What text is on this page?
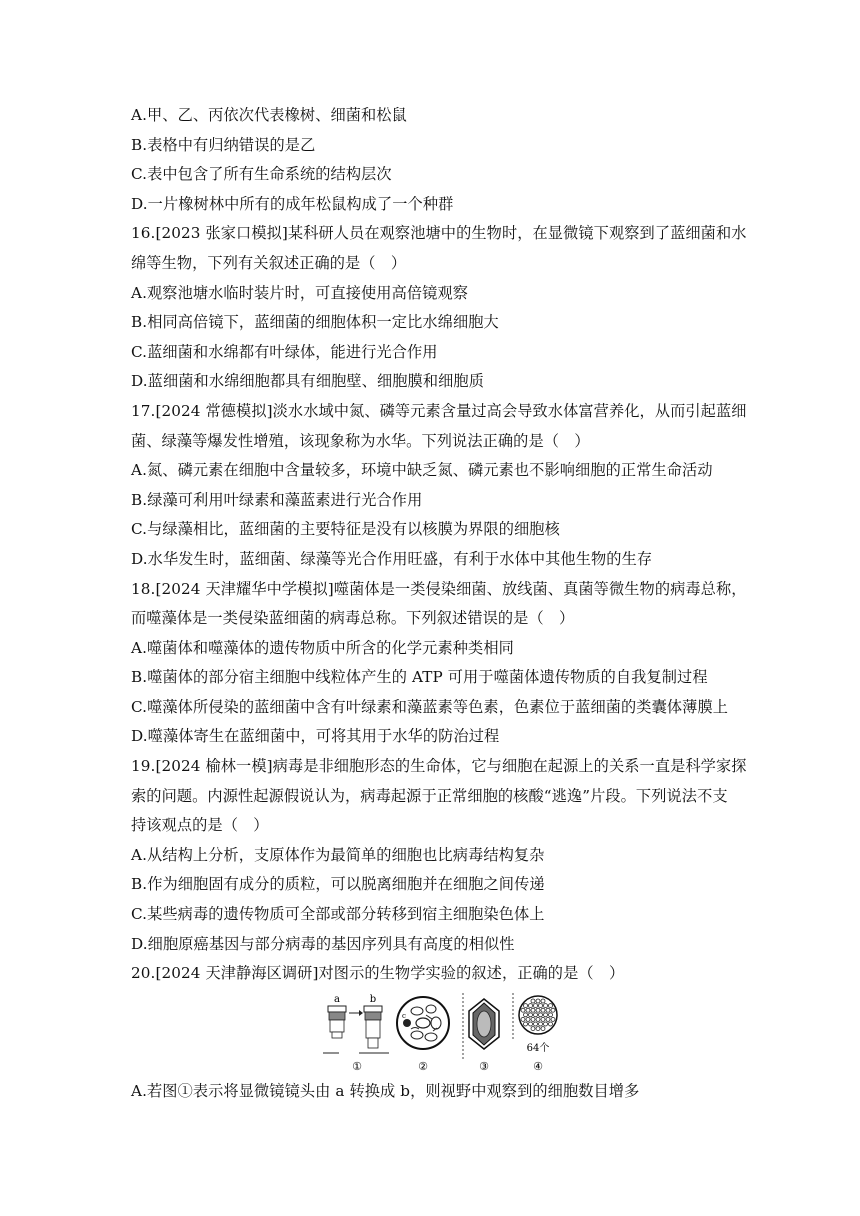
A.甲、乙、丙依次代表橡树、细菌和松鼠
B.表格中有归纳错误的是乙
C.表中包含了所有生命系统的结构层次
D.一片橡树林中所有的成年松鼠构成了一个种群
16.[2023 张家口模拟]某科研人员在观察池塘中的生物时，在显微镜下观察到了蓝细菌和水
绵等生物，下列有关叙述正确的是（　）
A.观察池塘水临时装片时，可直接使用高倍镜观察
B.相同高倍镜下，蓝细菌的细胞体积一定比水绵细胞大
C.蓝细菌和水绵都有叶绿体，能进行光合作用
D.蓝细菌和水绵细胞都具有细胞壁、细胞膜和细胞质
17.[2024 常德模拟]淡水水域中氮、磷等元素含量过高会导致水体富营养化，从而引起蓝细
菌、绿藻等爆发性增殖，该现象称为水华。下列说法正确的是（　）
A.氮、磷元素在细胞中含量较多，环境中缺乏氮、磷元素也不影响细胞的正常生命活动
B.绿藻可利用叶绿素和藻蓝素进行光合作用
C.与绿藻相比，蓝细菌的主要特征是没有以核膜为界限的细胞核
D.水华发生时，蓝细菌、绿藻等光合作用旺盛，有利于水体中其他生物的生存
18.[2024 天津耀华中学模拟]噬菌体是一类侵染细菌、放线菌、真菌等微生物的病毒总称，
而噬藻体是一类侵染蓝细菌的病毒总称。下列叙述错误的是（　）
A.噬菌体和噬藻体的遗传物质中所含的化学元素种类相同
B.噬菌体的部分宿主细胞中线粒体产生的 ATP 可用于噬菌体遗传物质的自我复制过程
C.噬藻体所侵染的蓝细菌中含有叶绿素和藻蓝素等色素，色素位于蓝细菌的类囊体薄膜上
D.噬藻体寄生在蓝细菌中，可将其用于水华的防治过程
19.[2024 榆林一模]病毒是非细胞形态的生命体，它与细胞在起源上的关系一直是科学家探
索的问题。内源性起源假说认为，病毒起源于正常细胞的核酸“逃逸”片段。下列说法不支
持该观点的是（　）
A.从结构上分析，支原体作为最简单的细胞也比病毒结构复杂
B.作为细胞固有成分的质粒，可以脱离细胞并在细胞之间传递
C.某些病毒的遗传物质可全部或部分转移到宿主细胞染色体上
D.细胞原癌基因与部分病毒的基因序列具有高度的相似性
20.[2024 天津静海区调研]对图示的生物学实验的叙述，正确的是（　）
a	b
①
c
②	③
64个
④
A.若图①表示将显微镜镜头由 a 转换成 b，则视野中观察到的细胞数目增多
